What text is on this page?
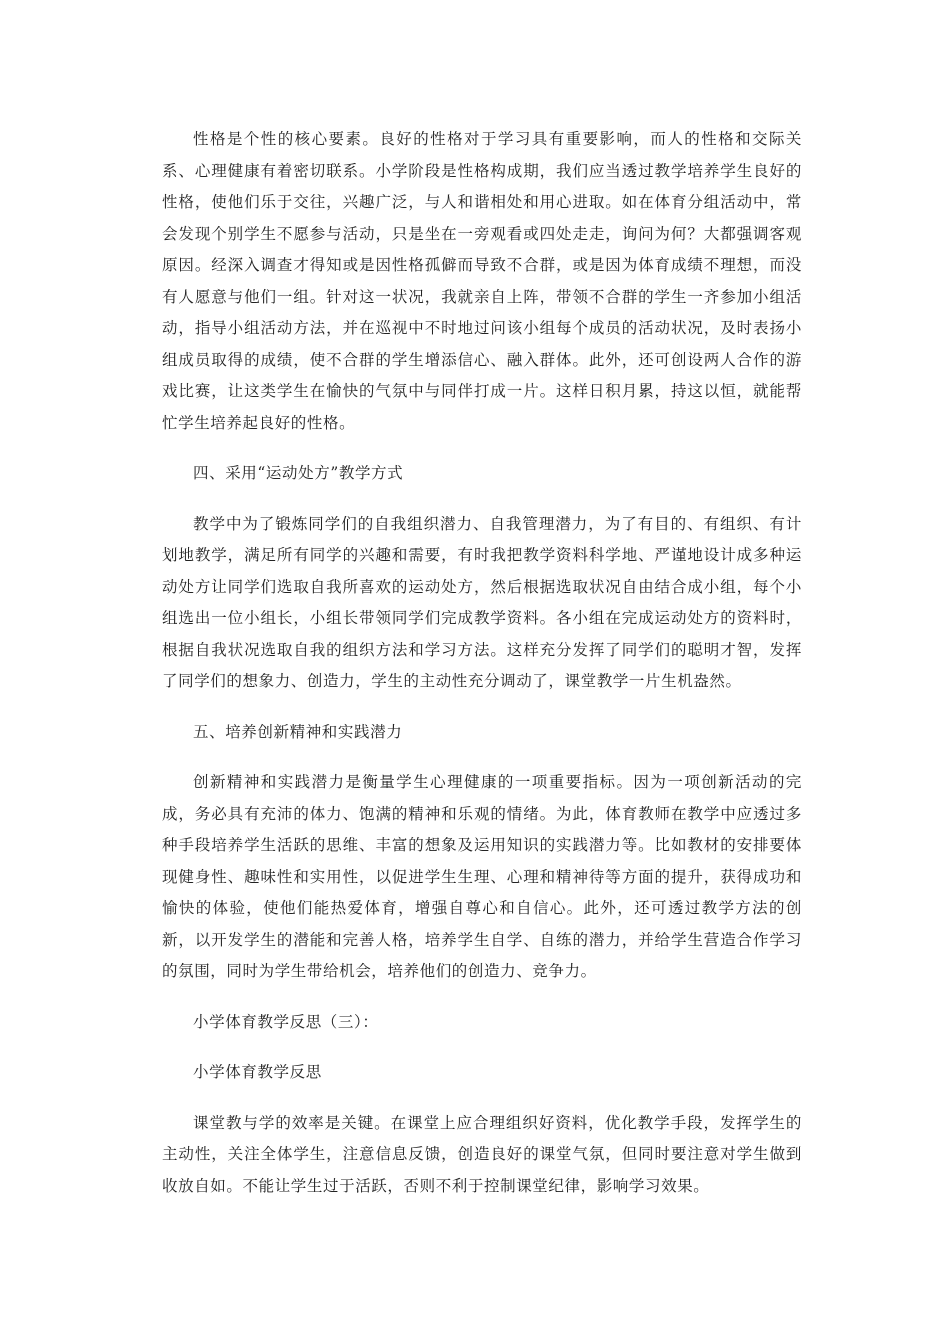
性格是个性的核心要素。良好的性格对于学习具有重要影响，而人的性格和交际关系、心理健康有着密切联系。小学阶段是性格构成期，我们应当透过教学培养学生良好的性格，使他们乐于交往，兴趣广泛，与人和谐相处和用心进取。如在体育分组活动中，常会发现个别学生不愿参与活动，只是坐在一旁观看或四处走走，询问为何？大都强调客观原因。经深入调查才得知或是因性格孤僻而导致不合群，或是因为体育成绩不理想，而没有人愿意与他们一组。针对这一状况，我就亲自上阵，带领不合群的学生一齐参加小组活动，指导小组活动方法，并在巡视中不时地过问该小组每个成员的活动状况，及时表扬小组成员取得的成绩，使不合群的学生增添信心、融入群体。此外，还可创设两人合作的游戏比赛，让这类学生在愉快的气氛中与同伴打成一片。这样日积月累，持这以恒，就能帮忙学生培养起良好的性格。

四、采用“运动处方”教学方式

教学中为了锻炼同学们的自我组织潜力、自我管理潜力，为了有目的、有组织、有计划地教学，满足所有同学的兴趣和需要，有时我把教学资料科学地、严谨地设计成多种运动处方让同学们选取自我所喜欢的运动处方，然后根据选取状况自由结合成小组，每个小组选出一位小组长，小组长带领同学们完成教学资料。各小组在完成运动处方的资料时，根据自我状况选取自我的组织方法和学习方法。这样充分发挥了同学们的聪明才智，发挥了同学们的想象力、创造力，学生的主动性充分调动了，课堂教学一片生机盎然。

五、培养创新精神和实践潜力

创新精神和实践潜力是衡量学生心理健康的一项重要指标。因为一项创新活动的完成，务必具有充沛的体力、饱满的精神和乐观的情绪。为此，体育教师在教学中应透过多种手段培养学生活跃的思维、丰富的想象及运用知识的实践潜力等。比如教材的安排要体现健身性、趣味性和实用性，以促进学生生理、心理和精神待等方面的提升，获得成功和愉快的体验，使他们能热爱体育，增强自尊心和自信心。此外，还可透过教学方法的创新，以开发学生的潜能和完善人格，培养学生自学、自练的潜力，并给学生营造合作学习的氛围，同时为学生带给机会，培养他们的创造力、竞争力。

小学体育教学反思（三）：

小学体育教学反思

课堂教与学的效率是关键。在课堂上应合理组织好资料，优化教学手段，发挥学生的主动性，关注全体学生，注意信息反馈，创造良好的课堂气氛，但同时要注意对学生做到收放自如。不能让学生过于活跃，否则不利于控制课堂纪律，影响学习效果。
